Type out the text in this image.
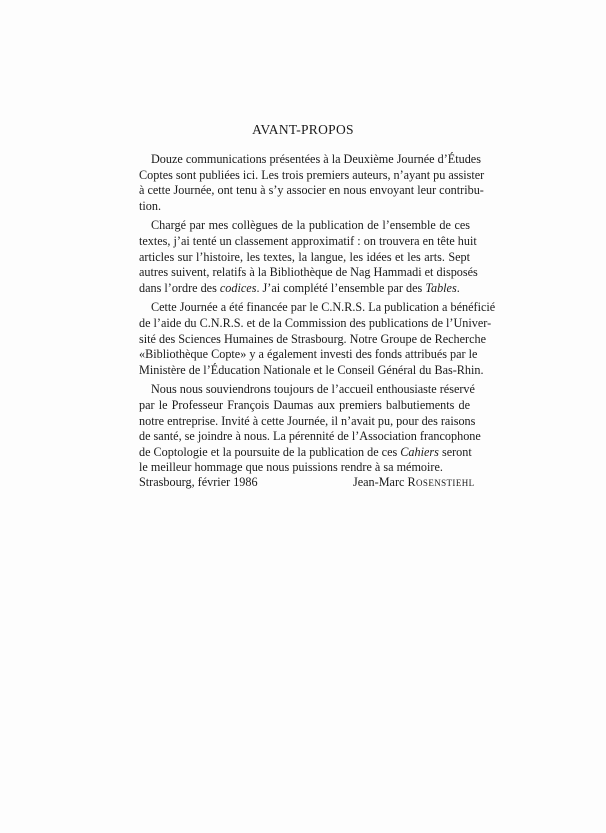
AVANT-PROPOS
Douze communications présentées à la Deuxième Journée d’Études
Coptes sont publiées ici. Les trois premiers auteurs, n’ayant pu assister
à cette Journée, ont tenu à s’y associer en nous envoyant leur contribu-
tion.
Chargé par mes collègues de la publication de l’ensemble de ces
textes, j’ai tenté un classement approximatif : on trouvera en tête huit
articles sur l’histoire, les textes, la langue, les idées et les arts. Sept
autres suivent, relatifs à la Bibliothèque de Nag Hammadi et disposés
dans l’ordre des codices. J’ai complété l’ensemble par des Tables.
Cette Journée a été financée par le C.N.R.S. La publication a bénéficié
de l’aide du C.N.R.S. et de la Commission des publications de l’Univer-
sité des Sciences Humaines de Strasbourg. Notre Groupe de Recherche
«Bibliothèque Copte» y a également investi des fonds attribués par le
Ministère de l’Éducation Nationale et le Conseil Général du Bas-Rhin.
Nous nous souviendrons toujours de l’accueil enthousiaste réservé
par le Professeur François Daumas aux premiers balbutiements de
notre entreprise. Invité à cette Journée, il n’avait pu, pour des raisons
de santé, se joindre à nous. La pérennité de l’Association francophone
de Coptologie et la poursuite de la publication de ces Cahiers seront
le meilleur hommage que nous puissions rendre à sa mémoire.
Strasbourg, février 1986	Jean-Marc Rosenstiehl
